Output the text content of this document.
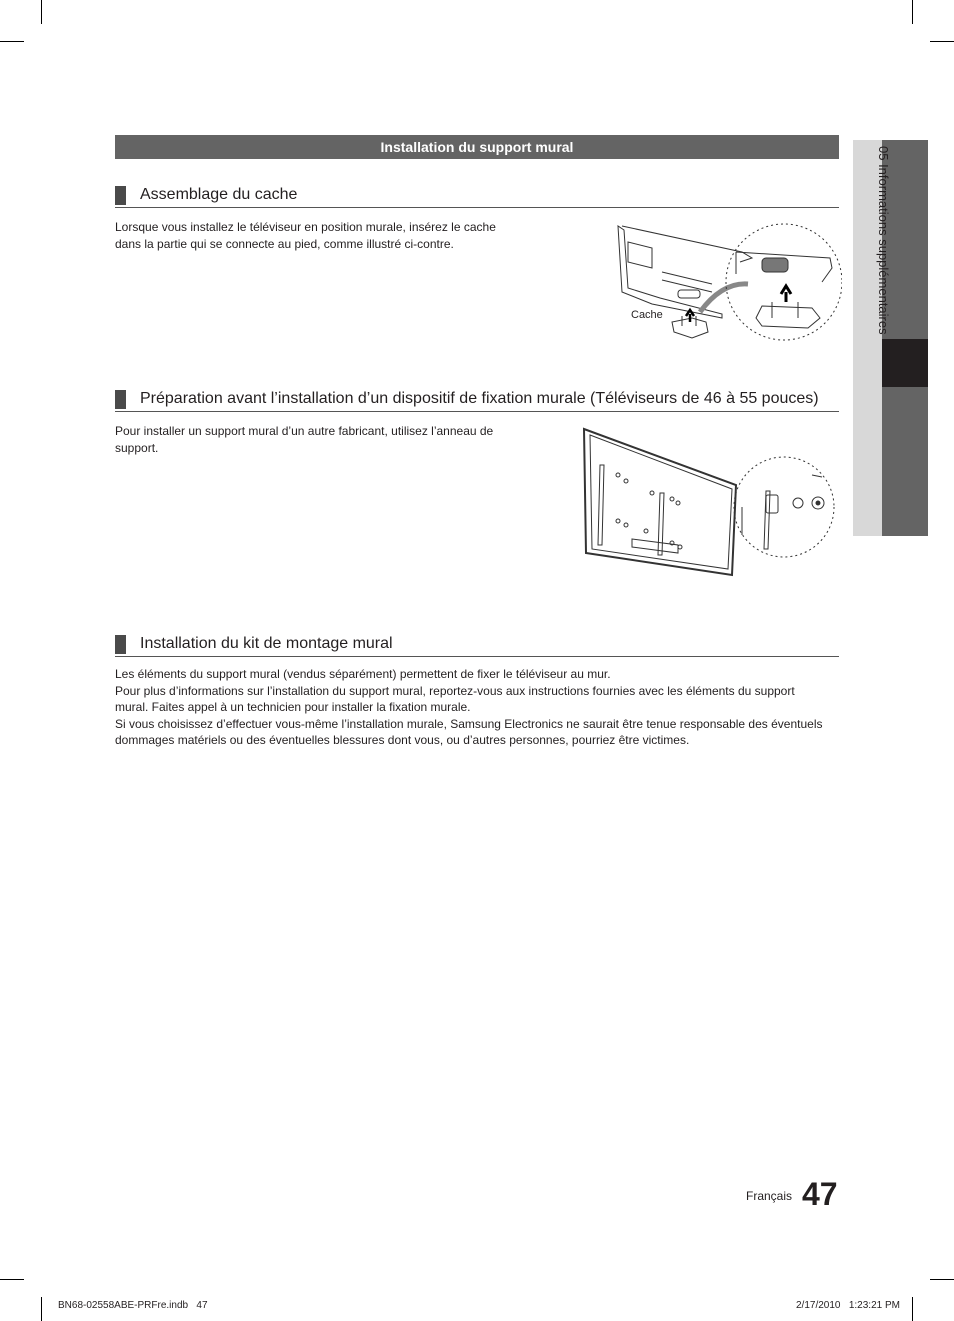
Installation du support mural	05 Informations supplémentaires
Assemblage du cache
Lorsque vous installez le téléviseur en position murale, insérez le cache
dans la partie qui se connecte au pied, comme illustré ci-contre.
Cache
Préparation avant l’installation d’un dispositif de fixation murale (Téléviseurs de 46 à 55 pouces)
Pour installer un support mural d’un autre fabricant, utilisez l’anneau de
support.
Installation du kit de montage mural
Les éléments du support mural (vendus séparément) permettent de fixer le téléviseur au mur.
Pour plus d’informations sur l’installation du support mural, reportez-vous aux instructions fournies avec les éléments du support
mural. Faites appel à un technicien pour installer la fixation murale.
Si vous choisissez d’effectuer vous-même l’installation murale, Samsung Electronics ne saurait être tenue responsable des éventuels
dommages matériels ou des éventuelles blessures dont vous, ou d’autres personnes, pourriez être victimes.
Français 47
BN68-02558ABE-PRFre.indb   47	2/17/2010   1:23:21 PM
